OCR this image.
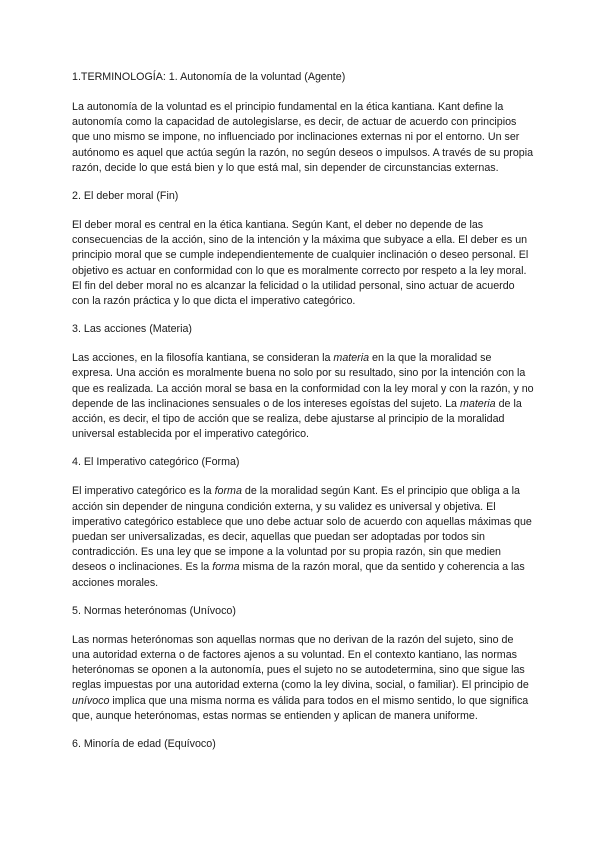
1.TERMINOLOGÍA: 1. Autonomía de la voluntad (Agente)

La autonomía de la voluntad es el principio fundamental en la ética kantiana. Kant define la autonomía como la capacidad de autolegislarse, es decir, de actuar de acuerdo con principios que uno mismo se impone, no influenciado por inclinaciones externas ni por el entorno. Un ser autónomo es aquel que actúa según la razón, no según deseos o impulsos. A través de su propia razón, decide lo que está bien y lo que está mal, sin depender de circunstancias externas.

2. El deber moral (Fin)

El deber moral es central en la ética kantiana. Según Kant, el deber no depende de las consecuencias de la acción, sino de la intención y la máxima que subyace a ella. El deber es un principio moral que se cumple independientemente de cualquier inclinación o deseo personal. El objetivo es actuar en conformidad con lo que es moralmente correcto por respeto a la ley moral. El fin del deber moral no es alcanzar la felicidad o la utilidad personal, sino actuar de acuerdo con la razón práctica y lo que dicta el imperativo categórico.

3. Las acciones (Materia)

Las acciones, en la filosofía kantiana, se consideran la materia en la que la moralidad se expresa. Una acción es moralmente buena no solo por su resultado, sino por la intención con la que es realizada. La acción moral se basa en la conformidad con la ley moral y con la razón, y no depende de las inclinaciones sensuales o de los intereses egoístas del sujeto. La materia de la acción, es decir, el tipo de acción que se realiza, debe ajustarse al principio de la moralidad universal establecida por el imperativo categórico.

4. El Imperativo categórico (Forma)

El imperativo categórico es la forma de la moralidad según Kant. Es el principio que obliga a la acción sin depender de ninguna condición externa, y su validez es universal y objetiva. El imperativo categórico establece que uno debe actuar solo de acuerdo con aquellas máximas que puedan ser universalizadas, es decir, aquellas que puedan ser adoptadas por todos sin contradicción. Es una ley que se impone a la voluntad por su propia razón, sin que medien deseos o inclinaciones. Es la forma misma de la razón moral, que da sentido y coherencia a las acciones morales.

5. Normas heterónomas (Unívoco)

Las normas heterónomas son aquellas normas que no derivan de la razón del sujeto, sino de una autoridad externa o de factores ajenos a su voluntad. En el contexto kantiano, las normas heterónomas se oponen a la autonomía, pues el sujeto no se autodetermina, sino que sigue las reglas impuestas por una autoridad externa (como la ley divina, social, o familiar). El principio de unívoco implica que una misma norma es válida para todos en el mismo sentido, lo que significa que, aunque heterónomas, estas normas se entienden y aplican de manera uniforme.

6. Minoría de edad (Equívoco)
